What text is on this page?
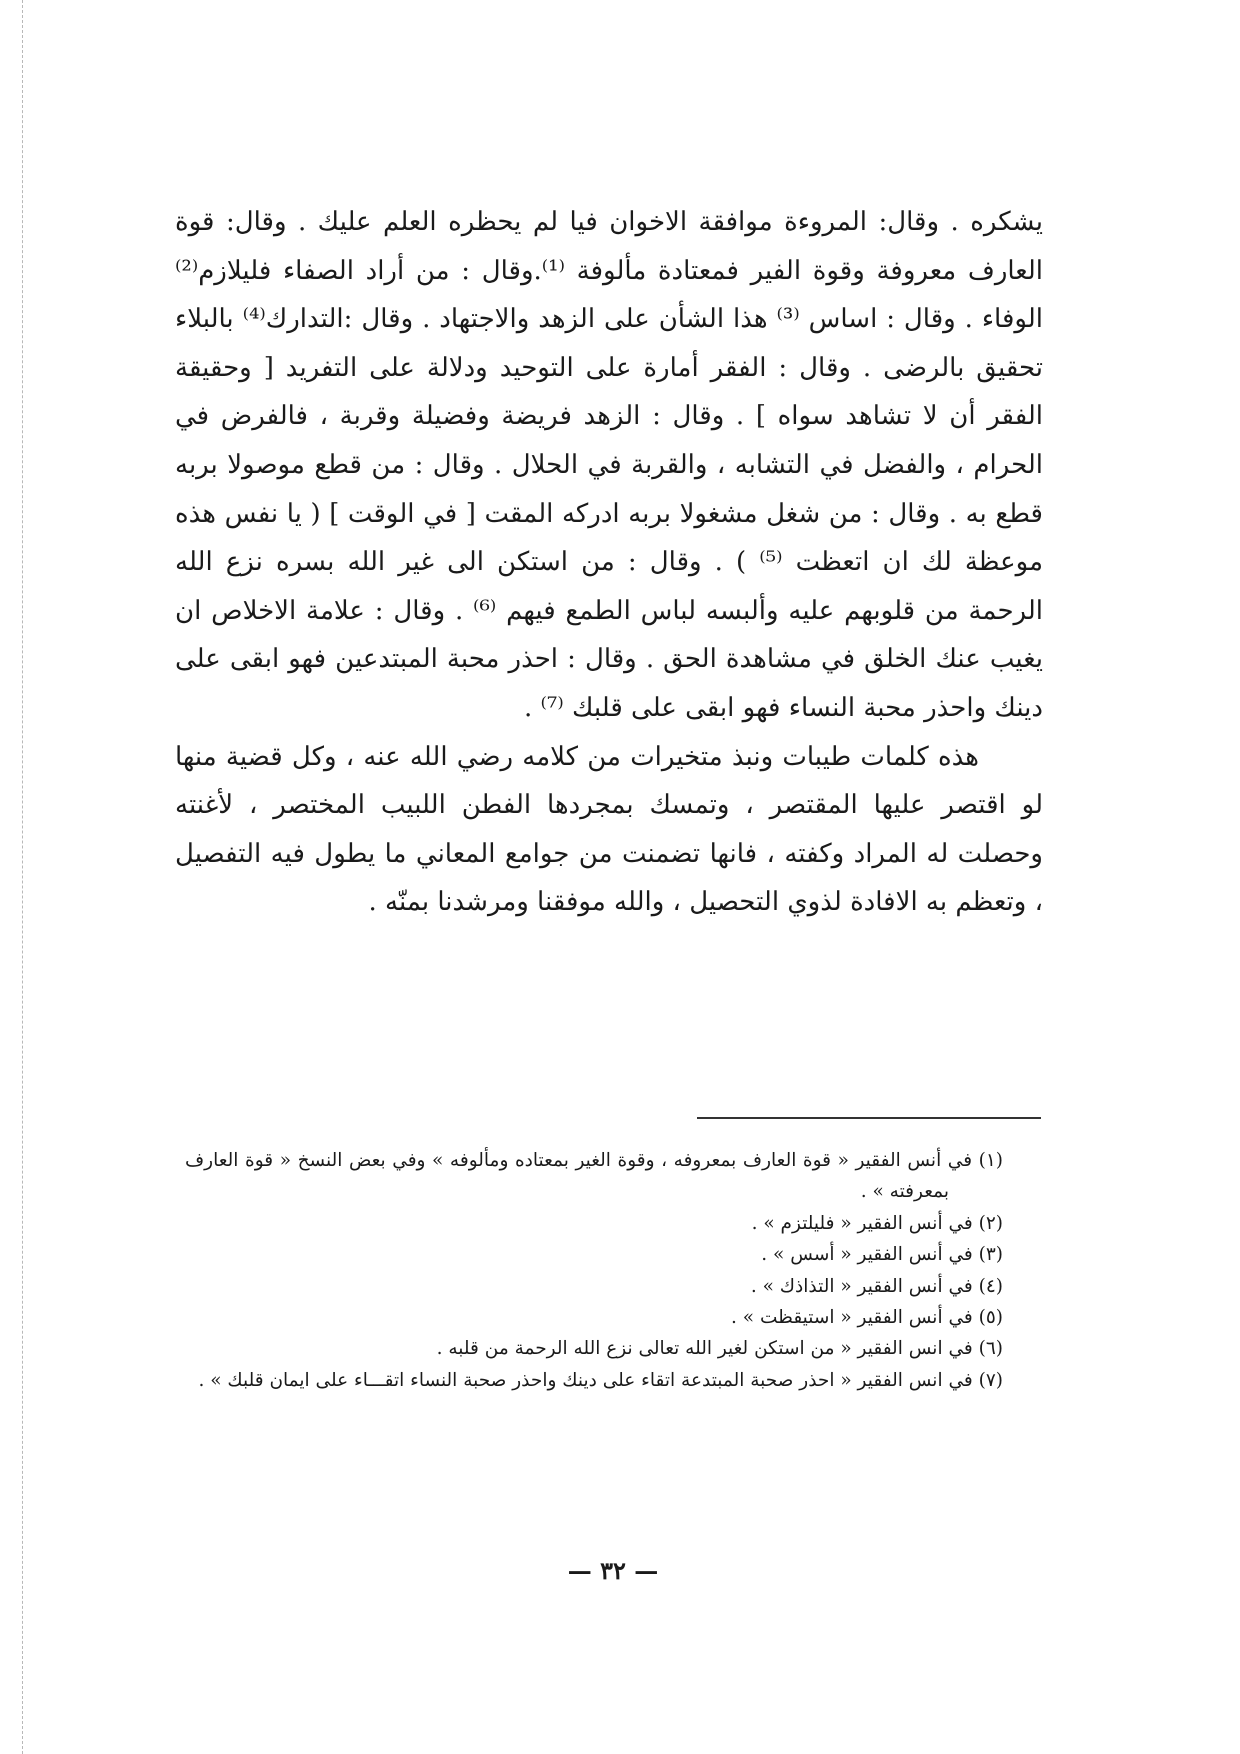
يشكره . وقال: المروءة موافقة الاخوان فيا لم يحظره العلم عليك . وقال: قوة العارف معروفة وقوة الفير فمعتادة مألوفة ⁽¹⁾.وقال : من أراد الصفاء فليلازم⁽²⁾ الوفاء . وقال : اساس ⁽³⁾ هذا الشأن على الزهد والاجتهاد . وقال :التدارك⁽⁴⁾ بالبلاء تحقيق بالرضى . وقال : الفقر أمارة على التوحيد ودلالة على التفريد [ وحقيقة الفقر أن لا تشاهد سواه ] . وقال : الزهد فريضة وفضيلة وقربة ، فالفرض في الحرام ، والفضل في التشابه ، والقربة في الحلال . وقال : من قطع موصولا بربه قطع به . وقال : من شغل مشغولا بربه ادركه المقت [ في الوقت ] ( يا نفس هذه موعظة لك ان اتعظت ⁽⁵⁾ ) . وقال : من استكن الى غير الله بسره نزع الله الرحمة من قلوبهم عليه وألبسه لباس الطمع فيهم ⁽⁶⁾ . وقال : علامة الاخلاص ان يغيب عنك الخلق في مشاهدة الحق . وقال : احذر محبة المبتدعين فهو ابقى على دينك واحذر محبة النساء فهو ابقى على قلبك ⁽⁷⁾ .

هذه كلمات طيبات ونبذ متخيرات من كلامه رضي الله عنه ، وكل قضية منها لو اقتصر عليها المقتصر ، وتمسك بمجردها الفطن اللبيب المختصر ، لأغنته وحصلت له المراد وكفته ، فانها تضمنت من جوامع المعاني ما يطول فيه التفصيل ، وتعظم به الافادة لذوي التحصيل ، والله موفقنا ومرشدنا بمنّه .

(١) في أنس الفقير « قوة العارف بمعروفه ، وقوة الغير بمعتاده ومألوفه » وفي بعض النسخ « قوة العارف بمعرفته » .

(٢) في أنس الفقير « فليلتزم » .

(٣) في أنس الفقير « أسس » .

(٤) في أنس الفقير « التذاذك » .

(٥) في أنس الفقير « استيقظت » .

(٦) في انس الفقير « من استكن لغير الله تعالى نزع الله الرحمة من قلبه .

(٧) في انس الفقير « احذر صحبة المبتدعة اتقاء على دينك واحذر صحبة النساء اتقـــاء على ايمان قلبك » .

— ٣٢ —
